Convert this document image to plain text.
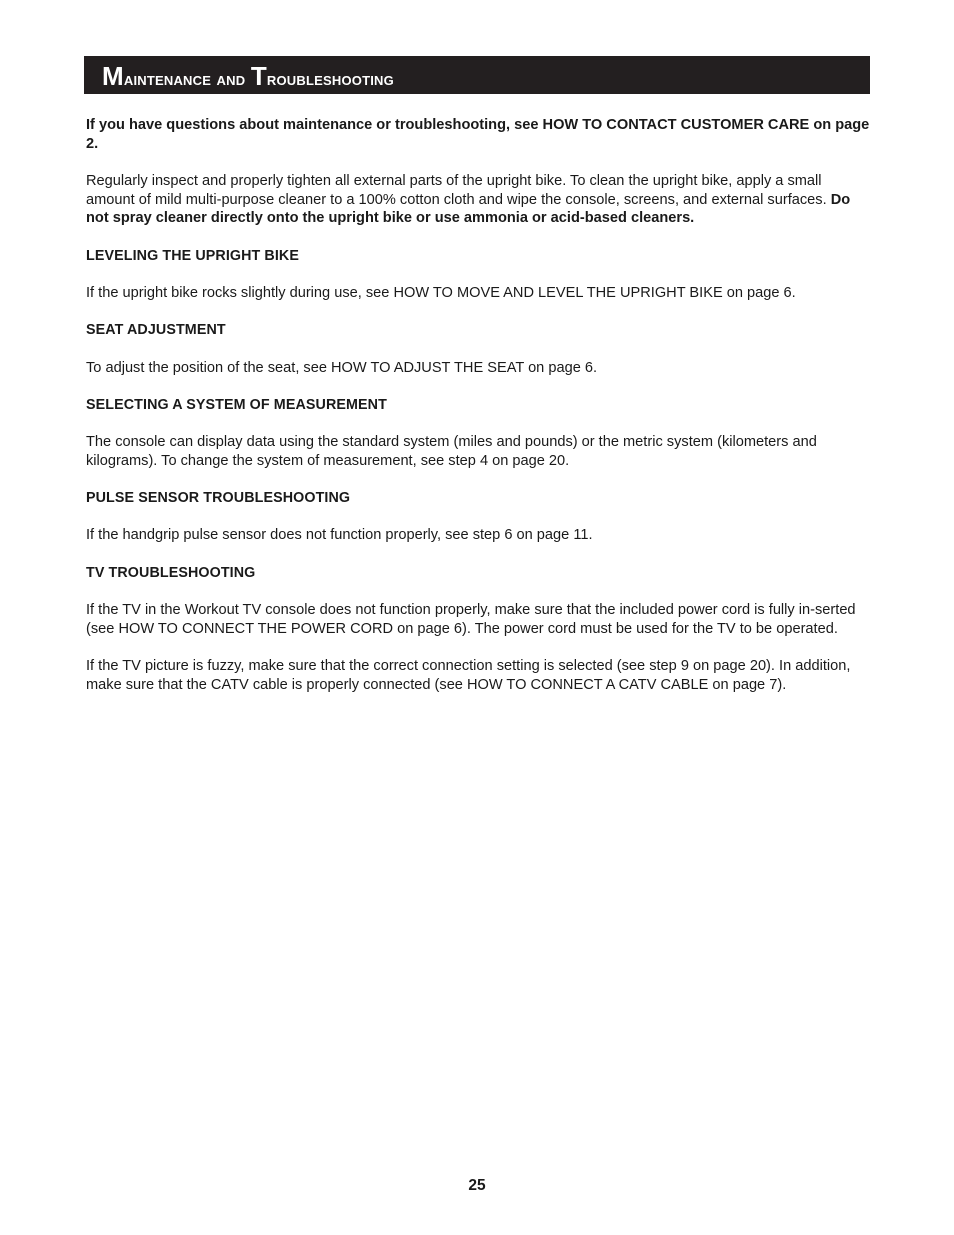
Maintenance and Troubleshooting

If you have questions about maintenance or troubleshooting, see HOW TO CONTACT CUSTOMER CARE on page 2.

Regularly inspect and properly tighten all external parts of the upright bike. To clean the upright bike, apply a small amount of mild multi-purpose cleaner to a 100% cotton cloth and wipe the console, screens, and external surfaces. Do not spray cleaner directly onto the upright bike or use ammonia or acid-based cleaners.

LEVELING THE UPRIGHT BIKE

If the upright bike rocks slightly during use, see HOW TO MOVE AND LEVEL THE UPRIGHT BIKE on page 6.

SEAT ADJUSTMENT

To adjust the position of the seat, see HOW TO ADJUST THE SEAT on page 6.

SELECTING A SYSTEM OF MEASUREMENT

The console can display data using the standard system (miles and pounds) or the metric system (kilometers and kilograms). To change the system of measurement, see step 4 on page 20.

PULSE SENSOR TROUBLESHOOTING

If the handgrip pulse sensor does not function properly, see step 6 on page 11.

TV TROUBLESHOOTING

If the TV in the Workout TV console does not function properly, make sure that the included power cord is fully in-serted (see HOW TO CONNECT THE POWER CORD on page 6). The power cord must be used for the TV to be operated.

If the TV picture is fuzzy, make sure that the correct connection setting is selected (see step 9 on page 20). In addition, make sure that the CATV cable is properly connected (see HOW TO CONNECT A CATV CABLE on page 7).

25
